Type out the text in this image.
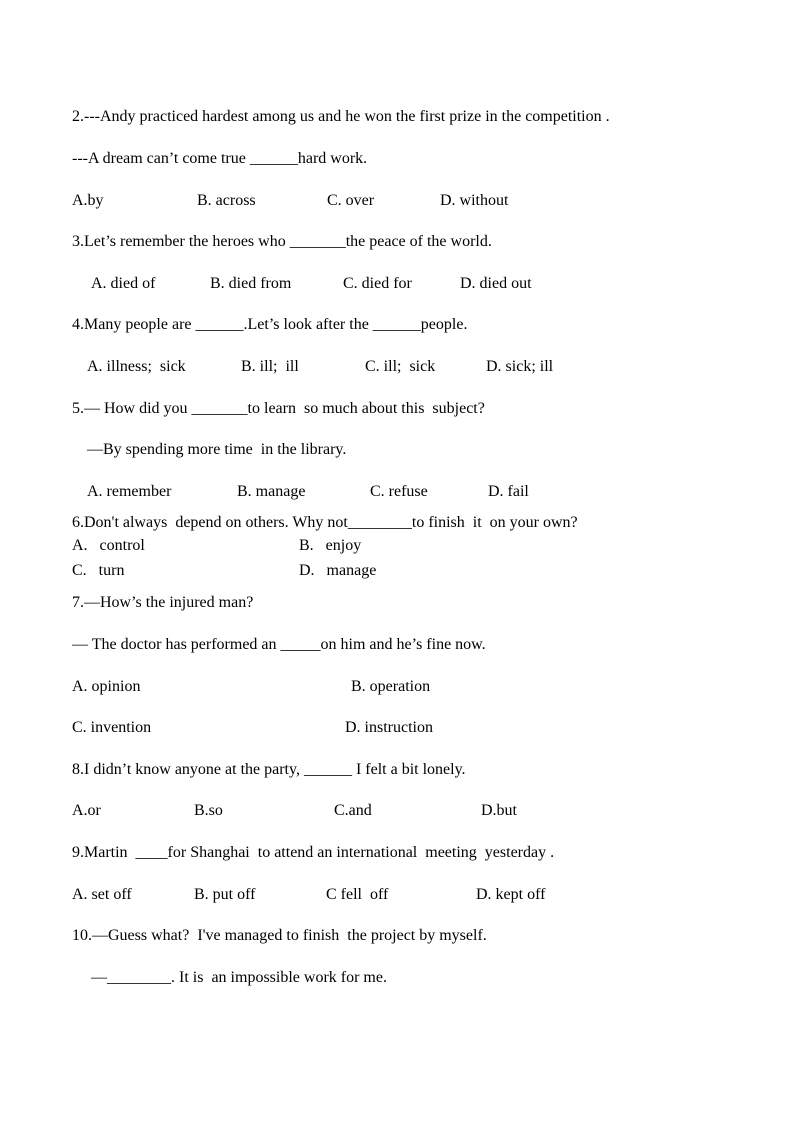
2.---Andy practiced hardest among us and he won the first prize in the competition .
---A dream can’t come true ______hard work.
A.by	B. across	C. over	D. without
3.Let’s remember the heroes who _______the peace of the world.
A. died of	B. died from	C. died for	D. died out
4.Many people are ______.Let’s look after the ______people.
A. illness;  sick	B. ill;  ill	C. ill;  sick	D. sick; ill
5.— How did you _______to learn  so much about this  subject?
—By spending more time  in the library.
A. remember	B. manage	C. refuse	D. fail
6.Don't always  depend on others. Why not________to finish  it  on your own?
A.   control	B.   enjoy
C.   turn	D.   manage
7.—How’s the injured man?
— The doctor has performed an _____on him and he’s fine now.
A. opinion	B. operation
C. invention	D. instruction
8.I didn’t know anyone at the party, ______ I felt a bit lonely.
A.or	B.so	C.and	D.but
9.Martin  ____for Shanghai  to attend an international  meeting  yesterday .
A. set off	B. put off	C fell  off	D. kept off
10.—Guess what?  I've managed to finish  the project by myself.
—________. It is  an impossible work for me.
